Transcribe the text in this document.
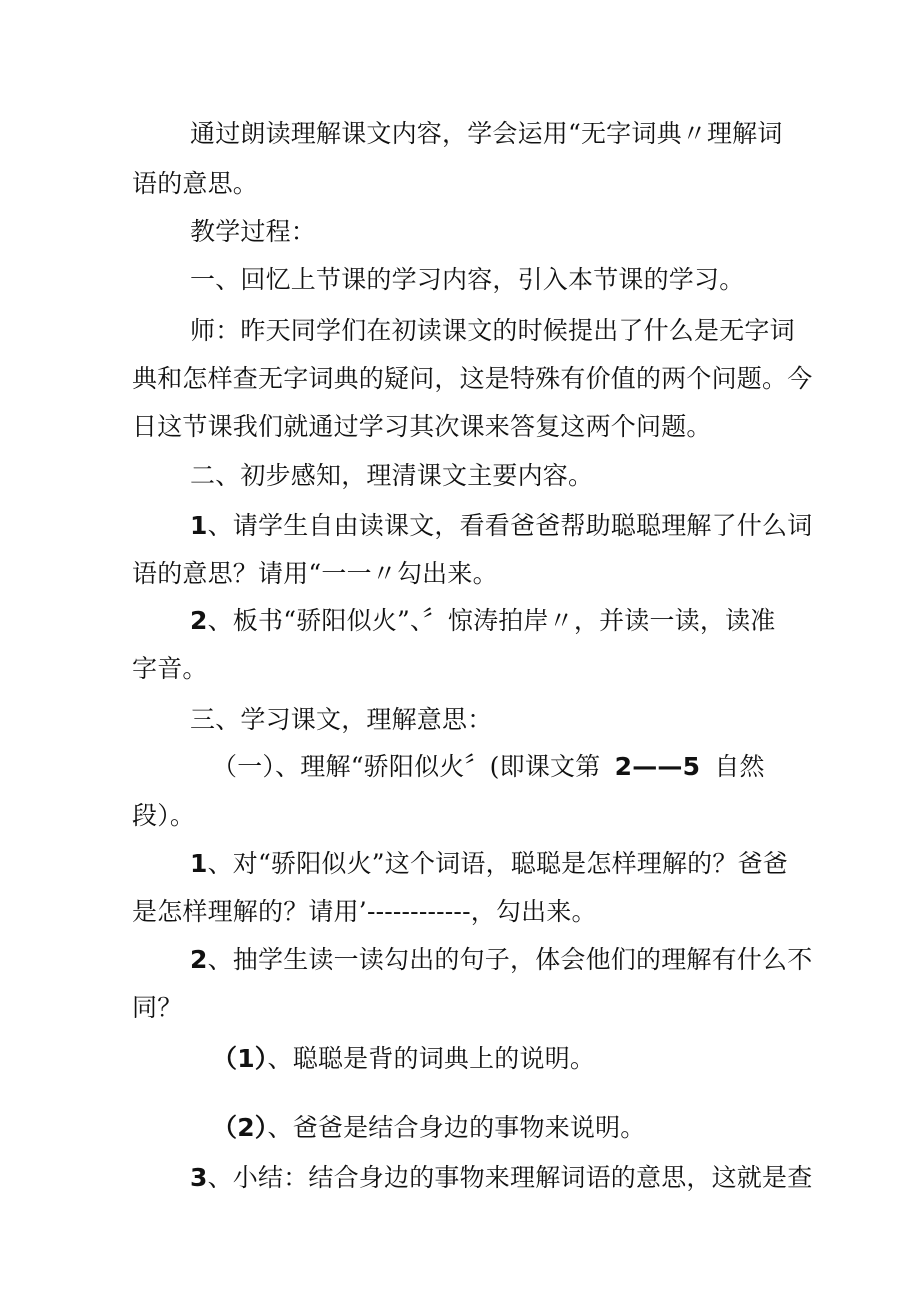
通过朗读理解课文内容，学会运用“无字词典〃理解词
语的意思。
教学过程：
一、回忆上节课的学习内容，引入本节课的学习。
师：昨天同学们在初读课文的时候提出了什么是无字词
典和怎样查无字词典的疑问，这是特殊有价值的两个问题。今
日这节课我们就通过学习其次课来答复这两个问题。
二、初步感知，理清课文主要内容。
1、请学生自由读课文，看看爸爸帮助聪聪理解了什么词
语的意思？请用“一一〃勾出来。
2、板书“骄阳似火”、〞惊涛拍岸〃，并读一读，读准
字音。
三、学习课文，理解意思：
（一）、理解“骄阳似火〞(即课文第 2——5 自然
段）。
1、对“骄阳似火”这个词语，聪聪是怎样理解的？爸爸
是怎样理解的？请用’------------，勾出来。
2、抽学生读一读勾出的句子，体会他们的理解有什么不
同？
（1）、聪聪是背的词典上的说明。
（2）、爸爸是结合身边的事物来说明。
3、小结：结合身边的事物来理解词语的意思，这就是查
